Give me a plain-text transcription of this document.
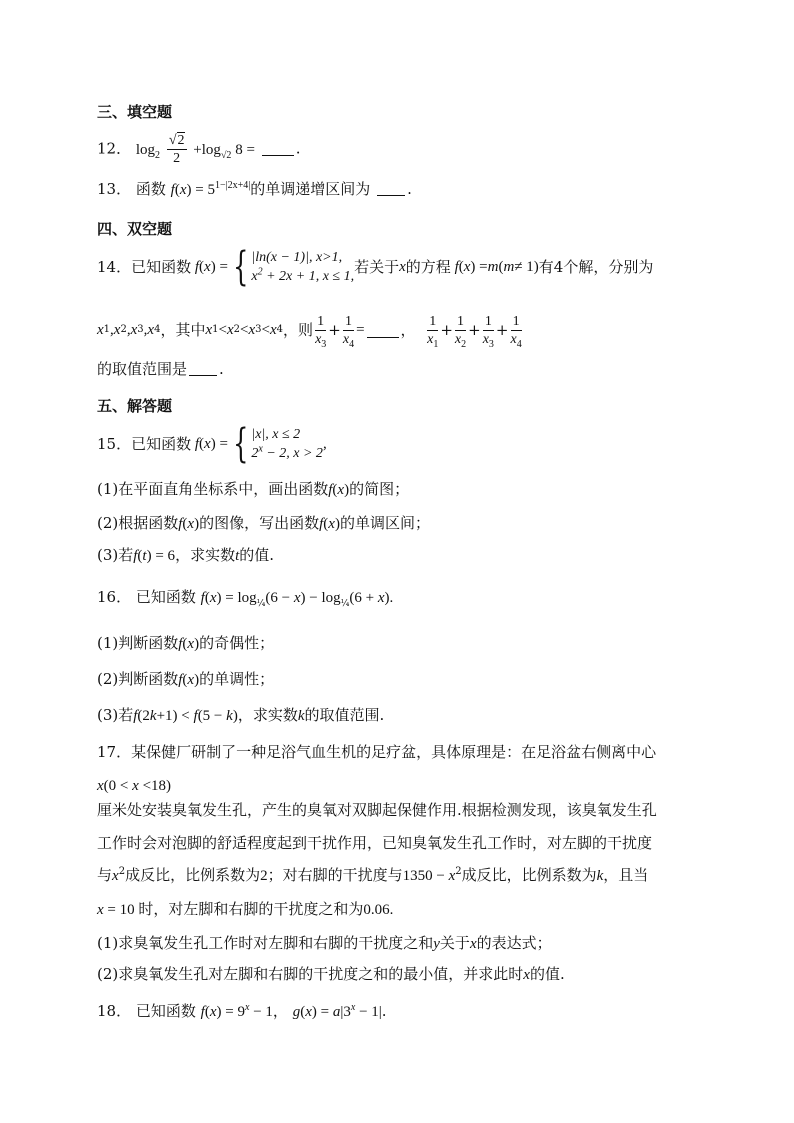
三、填空题
12． $\log_2 \frac{√2}{2} +\log_{√2}$ 8 =	.
13． 函数 $f(x) = 5^{1-|2x+4|}$的单调递增区间为 .
四、双空题
14． 已知函数 f ( x ) = { |ln(x − 1)|, x>1,
$x^2 + 2x + 1$, x ≤ 1,
若关于 x 的方程 f ( x ) = m ( m ≠ 1) 有4个解，分别为
x 1 , x 2 , x 3 , x 4 ，其中 x 1 < x 2 < x 3 < x 4 ，则 $\frac{1}{x_3} + \frac{1}{x_4}$ = ，
$\frac{1}{x_1} + \frac{1}{x_2} + \frac{1}{x_3} + \frac{1}{x_4}$
的取值范围是 .
五、解答题
15． 已知函数 f ( x ) = { |x|, x ≤ 2
$2^x - 2$, x > 2
,
(1)在平面直角坐标系中，画出函数f(x)的简图；
(2)根据函数f(x)的图像，写出函数f(x)的单调区间；
(3)若f(t) = 6，求实数t的值.
16． 已知函数 $f(x) = \log_{\frac{1}{4}}(6 - x) - \log_{\frac{1}{4}}(6 + x)$.
(1)判断函数f(x)的奇偶性；
(2)判断函数f(x)的单调性；
(3)若f(2k+1) < f(5 − k)，求实数k的取值范围.
17．某保健厂研制了一种足浴气血生机的足疗盆，具体原理是：在足浴盆右侧离中心
x(0 < x <18)
厘米处安装臭氧发生孔，产生的臭氧对双脚起保健作用.根据检测发现，该臭氧发生孔
工作时会对泡脚的舒适程度起到干扰作用，已知臭氧发生孔工作时，对左脚的干扰度
与$x^2$成反比，比例系数为2；对右脚的干扰度与$1350 - x^2$成反比，比例系数为k，且当
x = 10 时，对左脚和右脚的干扰度之和为0.06.
(1)求臭氧发生孔工作时对左脚和右脚的干扰度之和y关于x的表达式；
(2)求臭氧发生孔对左脚和右脚的干扰度之和的最小值，并求此时x的值.
18． 已知函数 $f(x) = 9^x - 1$， $g(x) = a|3^x - 1|$.
